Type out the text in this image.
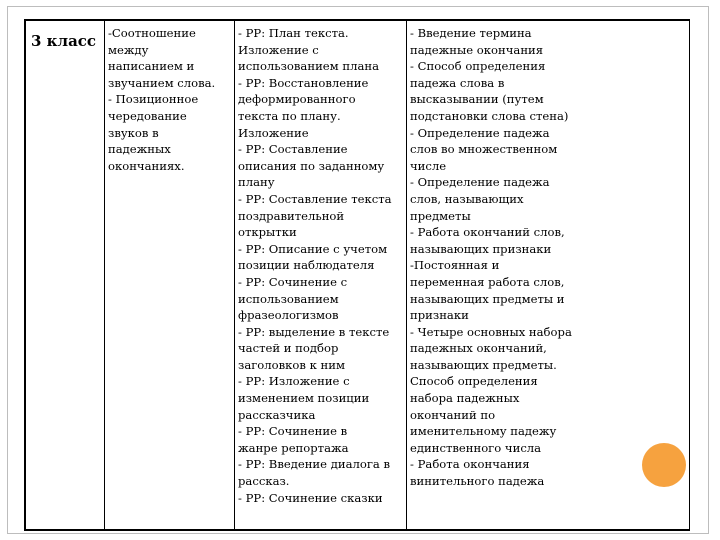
3 класс	-Соотношение
между
написанием и
звучанием слова.
- Позиционное
чередование
звуков в
падежных
окончаниях.	- РР: План текста.
Изложение с
использованием плана
- РР: Восстановление
деформированного
текста по плану.
Изложение
- РР: Составление
описания по заданному
плану
- РР: Составление текста
поздравительной
открытки
- РР: Описание с учетом
позиции наблюдателя
- РР: Сочинение с
использованием
фразеологизмов
- РР: выделение в тексте
частей и подбор
заголовков к ним
- РР: Изложение с
изменением позиции
рассказчика
- РР: Сочинение в
жанре репортажа
- РР: Введение диалога в
рассказ.
- РР: Сочинение сказки	- Введение термина
падежные окончания
- Способ определения
падежа слова в
высказывании (путем
подстановки слова стена)
- Определение падежа
слов во множественном
числе
- Определение падежа
слов, называющих
предметы
- Работа окончаний слов,
называющих признаки
-Постоянная и
переменная работа слов,
называющих предметы и
признаки
- Четыре основных набора
падежных окончаний,
называющих предметы.
Способ определения
набора падежных
окончаний по
именительному падежу
единственного числа
- Работа окончания
винительного падежа
